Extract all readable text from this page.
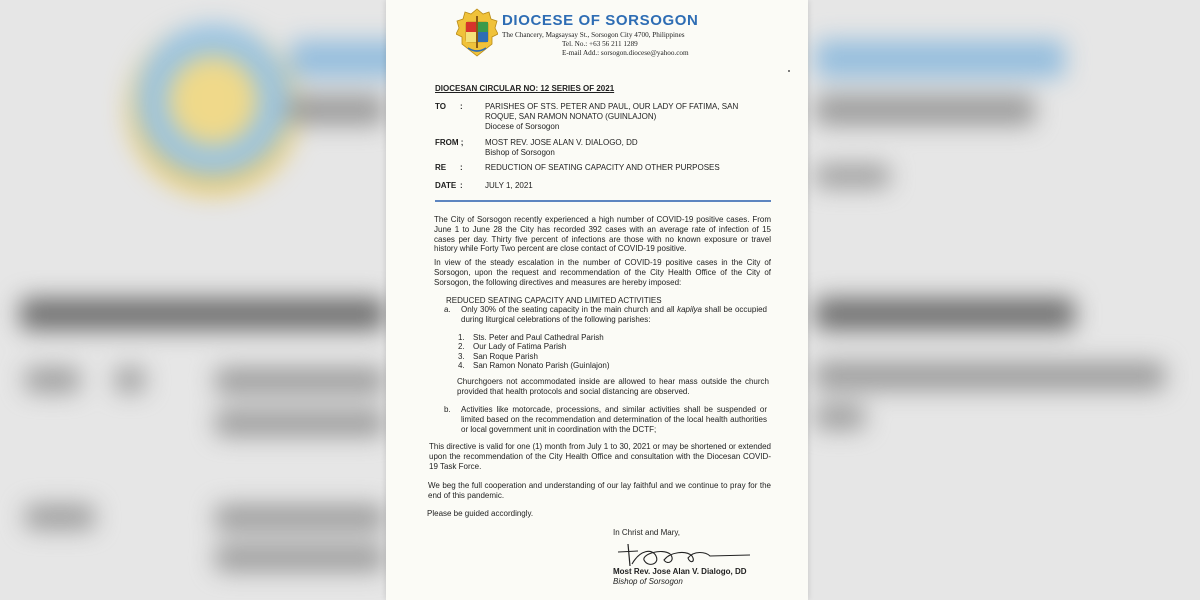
DIOCESE OF SORSOGON
The Chancery, Magsaysay St., Sorsogon City 4700, Philippines
Tel. No.: +63 56 211 1289
E-mail Add.: sorsogon.diocese@yahoo.com
DIOCESAN CIRCULAR NO: 12 SERIES OF 2021
TO :	PARISHES OF STS. PETER AND PAUL, OUR LADY OF FATIMA, SAN
ROQUE, SAN RAMON NONATO (GUINLAJON)
Diocese of Sorsogon
FROM ;	MOST REV. JOSE ALAN V. DIALOGO, DD
Bishop of Sorsogon
RE :	REDUCTION OF SEATING CAPACITY AND OTHER PURPOSES
DATE :	JULY 1, 2021
The City of Sorsogon recently experienced a high number of COVID-19 positive cases. From June 1 to June 28 the City has recorded 392 cases with an average rate of infection of 15 cases per day. Thirty five percent of infections are those with no known exposure or travel history while Forty Two percent are close contact of COVID-19 positive.
In view of the steady escalation in the number of COVID-19 positive cases in the City of Sorsogon, upon the request and recommendation of the City Health Office of the City of Sorsogon, the following directives and measures are hereby imposed:
REDUCED SEATING CAPACITY AND LIMITED ACTIVITIES
a. Only 30% of the seating capacity in the main church and all kapilya shall be occupied during liturgical celebrations of the following parishes:
1. Sts. Peter and Paul Cathedral Parish
2. Our Lady of Fatima Parish
3. San Roque Parish
4. San Ramon Nonato Parish (Guinlajon)
Churchgoers not accommodated inside are allowed to hear mass outside the church provided that health protocols and social distancing are observed.
b. Activities like motorcade, processions, and similar activities shall be suspended or limited based on the recommendation and determination of the local health authorities or local government unit in coordination with the DCTF;
This directive is valid for one (1) month from July 1 to 30, 2021 or may be shortened or extended upon the recommendation of the City Health Office and consultation with the Diocesan COVID-19 Task Force.
We beg the full cooperation and understanding of our lay faithful and we continue to pray for the end of this pandemic.
Please be guided accordingly.
In Christ and Mary,
Most Rev. Jose Alan V. Dialogo, DD
Bishop of Sorsogon
